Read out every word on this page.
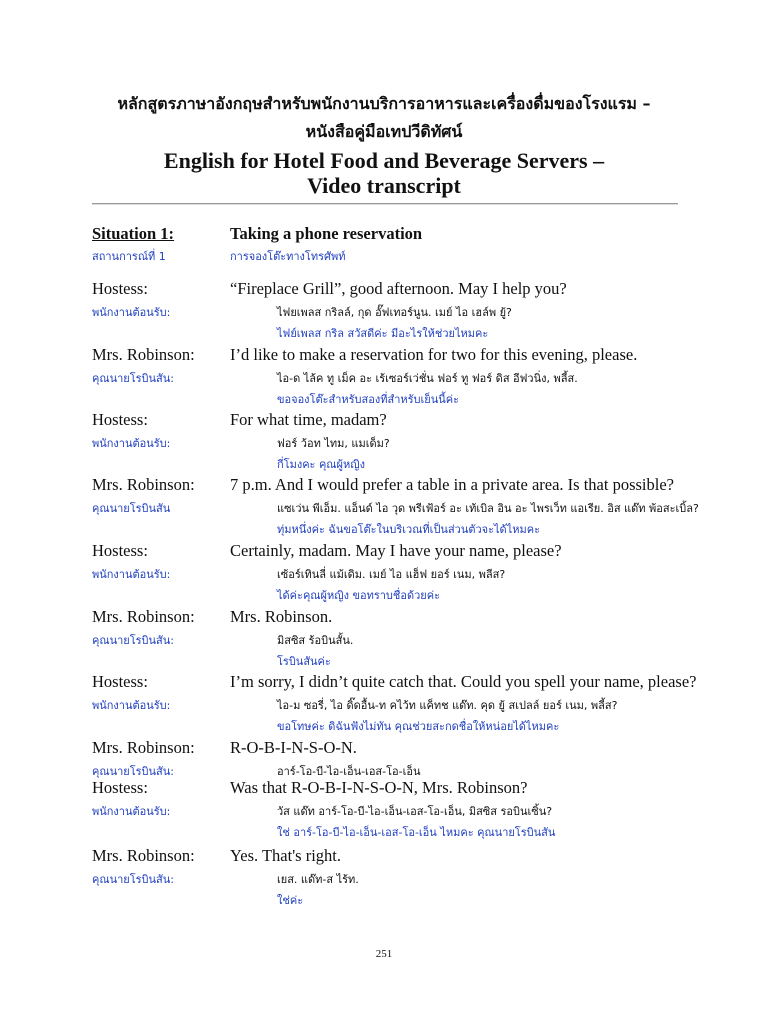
หลักสูตรภาษาอังกฤษสำหรับพนักงานบริการอาหารและเครื่องดื่มของโรงแรม –
หนังสือคู่มือเทปวีดิทัศน์
English for Hotel Food and Beverage Servers –
Video transcript
Situation 1:	Taking a phone reservation
สถานการณ์ที่ 1	การจองโต๊ะทางโทรศัพท์
Hostess:	“Fireplace Grill”, good afternoon. May I help you?
พนักงานต้อนรับ:	ไฟยเพลส กริลล์, กุด อั๊ฟเทอร์นูน. เมย์ ไอ เฮล์พ ยู้?
ไฟย์เพลส กริล สวัสดีค่ะ มีอะไรให้ช่วยไหมคะ
Mrs. Robinson: I’d like to make a reservation for two for this evening, please.
คุณนายโรบินสัน:	ไอ-ด ไล้ค ทู เม็ค อะ เร้เซอร์เว่ชั่น ฟอร์ ทู ฟอร์ ดิส อีฟวนิ่ง, พลี้ส.
ขอจองโต๊ะสำหรับสองที่สำหรับเย็นนี้ค่ะ
Hostess:	For what time, madam?
พนักงานต้อนรับ:	ฟอร์ ว้อท ไทม, แมเด็ม?
กี่โมงคะ คุณผู้หญิง
Mrs. Robinson: 7 p.m. And I would prefer a table in a private area. Is that possible?
คุณนายโรบินสัน	แซเว่น พีเอ็ม. แอ็นด์ ไอ วุด พรีเฟ้อร์ อะ เท้เบิล อิน อะ ไพรเว็ท แอเรีย. อิส แด๊ท พ้อสะเบิ้ล?
ทุ่มหนึ่งค่ะ ฉันขอโต๊ะในบริเวณที่เป็นส่วนตัวจะได้ไหมคะ
Hostess:	Certainly, madam. May I have your name, please?
พนักงานต้อนรับ:	เซ้อร์เทินลี่ แม้เดิม. เมย์ ไอ แฮ็ฟ ยอร์ เนม, พลีส?
ได้ค่ะคุณผู้หญิง ขอทราบชื่อด้วยค่ะ
Mrs. Robinson: Mrs. Robinson.
คุณนายโรบินสัน:	มิสซิส ร้อบินสั้น.
โรบินสันค่ะ
Hostess:	I’m sorry, I didn’t quite catch that. Could you spell your name, please?
พนักงานต้อนรับ:	ไอ-ม ซอรี่, ไอ ดิ๊ดอื้น-ท คไว้ท แค็ทช แด๊ท. คุด ยู้ สเปลล์ ยอร์ เนม, พลี้ส?
ขอโทษค่ะ ดิฉันฟังไม่ทัน คุณช่วยสะกดชื่อให้หน่อยได้ไหมคะ
Mrs. Robinson: R-O-B-I-N-S-O-N.
คุณนายโรบินสัน:	อาร์-โอ-บี-ไอ-เอ็น-เอส-โอ-เอ็น
Hostess:	Was that R-O-B-I-N-S-O-N, Mrs. Robinson?
พนักงานต้อนรับ:	วัส แด๊ท อาร์-โอ-บี-ไอ-เอ็น-เอส-โอ-เอ็น, มิสซิส รอบินเซิ้น?
ใช่ อาร์-โอ-บี-ไอ-เอ็น-เอส-โอ-เอ็น ไหมคะ คุณนายโรบินสัน
Mrs. Robinson: Yes. That's right.
คุณนายโรบินสัน:	เยส. แด๊ท-ส ไร้ท.
ใช่ค่ะ
251
